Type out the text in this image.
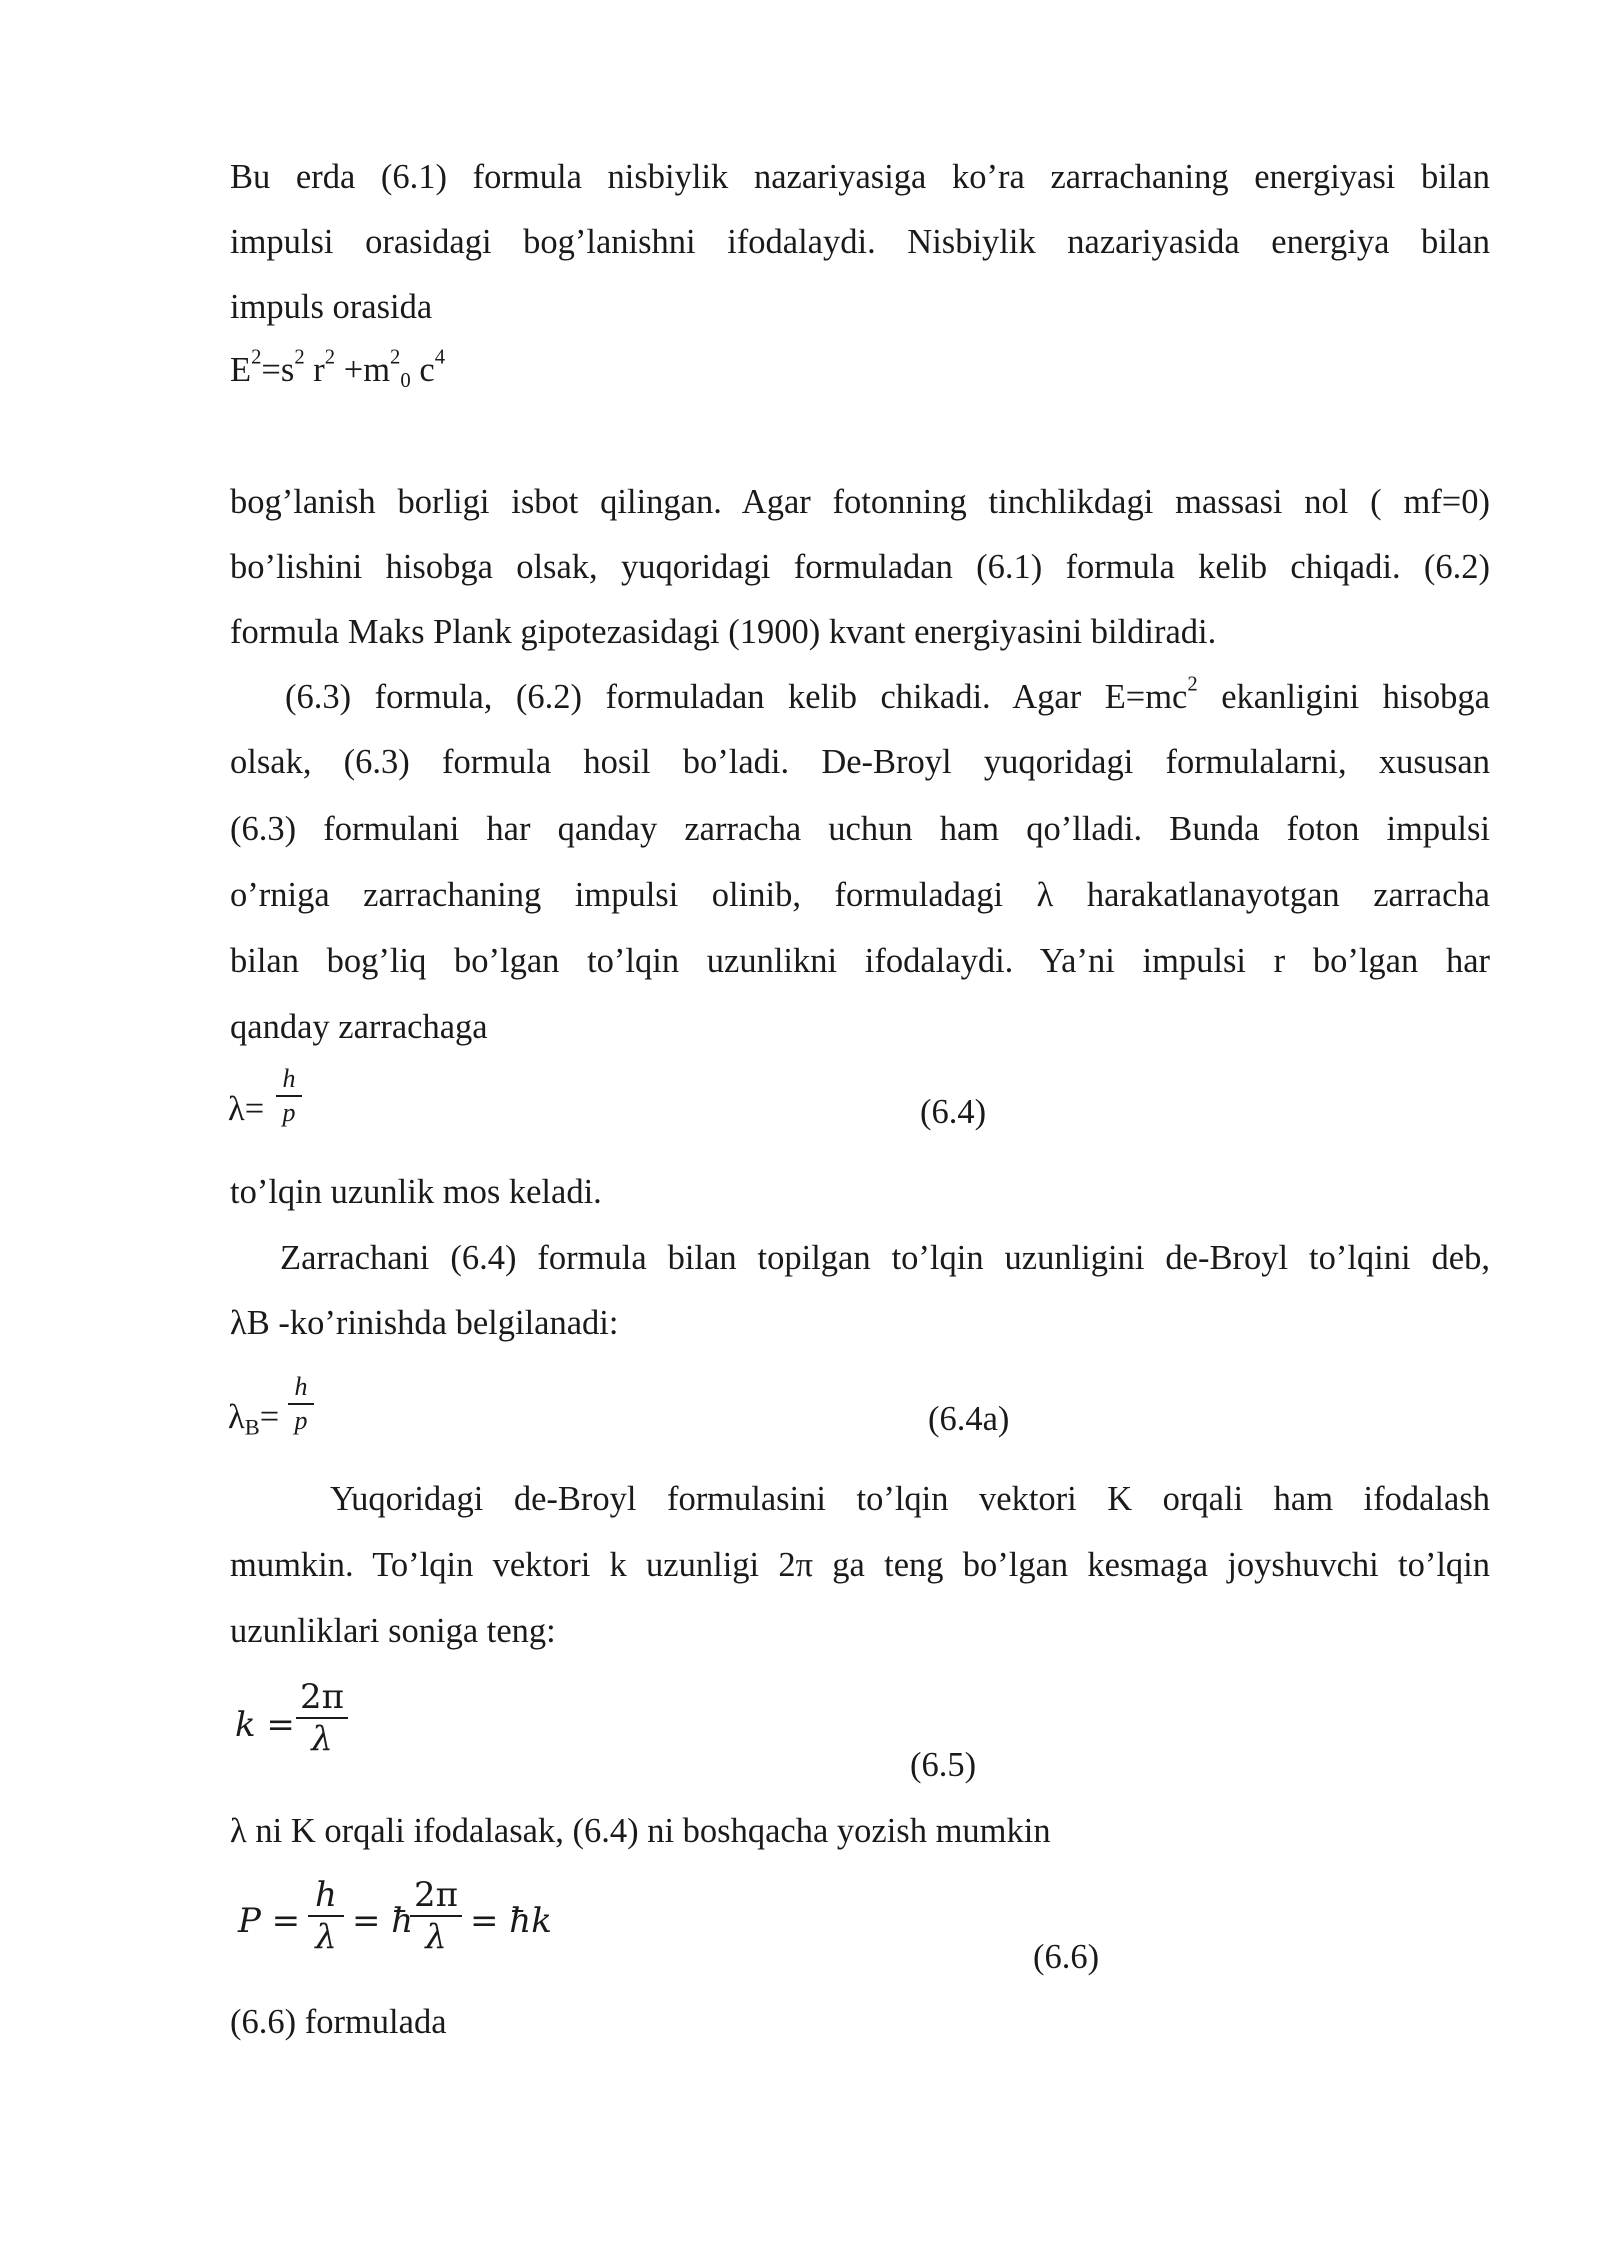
Bu erda (6.1) formula nisbiylik nazariyasiga ko’ra zarrachaning energiyasi bilan
impulsi orasidagi bog’lanishni ifodalaydi. Nisbiylik nazariyasida energiya bilan
impuls orasida
$E^2=s^2$ $r^2 +m^2_0$ $c^4$
bog’lanish borligi isbot qilingan. Agar fotonning tinchlikdagi massasi nol ( mf=0)
bo’lishini hisobga olsak, yuqoridagi formuladan (6.1) formula kelib chiqadi. (6.2)
formula Maks Plank gipotezasidagi (1900) kvant energiyasini bildiradi.
(6.3) formula, (6.2) formuladan kelib chikadi. Agar $E=mc^2$ ekanligini hisobga
olsak, (6.3) formula hosil bo’ladi. De-Broyl yuqoridagi formulalarni, xususan
(6.3) formulani har qanday zarracha uchun ham qo’lladi. Bunda foton impulsi
o’rniga zarrachaning impulsi olinib, formuladagi λ harakatlanayotgan zarracha
bilan bog’liq bo’lgan to’lqin uzunlikni ifodalaydi. Ya’ni impulsi r bo’lgan har
qanday zarrachaga
λ=
h
p	(6.4)
to’lqin uzunlik mos keladi.
Zarrachani (6.4) formula bilan topilgan to’lqin uzunligini de-Broyl to’lqini deb,
λB -ko’rinishda belgilanadi:
$\lambda_B=$
h
p	(6.4a)
Yuqoridagi de-Broyl formulasini to’lqin vektori K orqali ham ifodalash
mumkin. To’lqin vektori k uzunligi 2π ga teng bo’lgan kesmaga joyshuvchi to’lqin
uzunliklari soniga teng:
k =
2π
λ
(6.5)
λ ni K orqali ifodalasak, (6.4) ni boshqacha yozish mumkin
P =
h
λ = ħ
2π
λ = ħk
(6.6)
(6.6) formulada
